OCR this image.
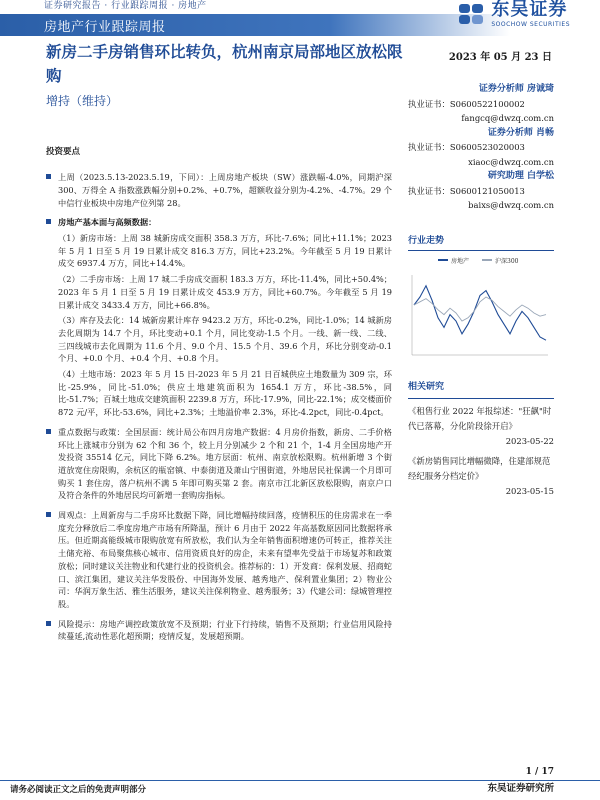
证券研究报告 · 行业跟踪周报 · 房地产
房地产行业跟踪周报
东吴证券
SOOCHOW SECURITIES
新房二手房销售环比转负，杭州南京局部地区放松限购
2023 年 05 月 23 日
增持（维持）
投资要点
上周（2023.5.13-2023.5.19，下同）：上周房地产板块（SW）涨跌幅-4.0%，同期沪深 300、万得全 A 指数涨跌幅分别+0.2%、+0.7%，超额收益分别为-4.2%、-4.7%。29 个中信行业板块中房地产位列第 28。
房地产基本面与高频数据：
（1）新房市场：上周 38 城新房成交面积 358.3 万方，环比-7.6%；同比+11.1%；2023 年 5 月 1 日至 5 月 19 日累计成交 816.3 万方，同比+23.2%。今年截至 5 月 19 日累计成交 6937.4 万方，同比+14.4%。
（2）二手房市场：上周 17 城二手房成交面积 183.3 万方，环比-11.4%，同比+50.4%；2023 年 5 月 1 日至 5 月 19 日累计成交 453.9 万方，同比+60.7%。今年截至 5 月 19 日累计成交 3433.4 万方，同比+66.8%。
（3）库存及去化：14 城新房累计库存 9423.2 万方，环比-0.2%，同比-1.0%；14 城新房去化周期为 14.7 个月，环比变动+0.1 个月，同比变动-1.5 个月。一线、新一线、二线、三四线城市去化周期为 11.6 个月、9.0 个月、15.5 个月、39.6 个月，环比分别变动-0.1 个月、+0.0 个月、+0.4 个月、+0.8 个月。
（4）土地市场：2023 年 5 月 15 日-2023 年 5 月 21 日百城供应土地数量为 309 宗，环比-25.9%，同比-51.0%；供应土地建筑面积为 1654.1 万方，环比-38.5%，同比-51.7%；百城土地成交建筑面积 2239.8 万方，环比-17.9%，同比-22.1%；成交楼面价 872 元/平，环比-53.6%，同比+2.3%；土地溢价率 2.3%，环比-4.2pct，同比-0.4pct。
重点数据与政策：全国层面：统计局公布四月房地产数据：4 月房价指数，新房、二手价格环比上涨城市分别为 62 个和 36 个，较上月分别减少 2 个和 21 个，1-4 月全国房地产开发投资 35514 亿元，同比下降 6.2%。地方层面：杭州、南京放松限购。杭州新增 3 个街道放宽住房限购，余杭区的瓶窑镇、中泰街道及萧山宁围街道，外地居民社保满一个月即可购买 1 套住房，落户杭州不满 5 年即可购买第 2 套。南京市江北新区放松限购，南京户口及符合条件的外地居民均可新增一套购房指标。
周观点：上周新房与二手房环比数据下降，同比增幅持续回落，疫情积压的住房需求在一季度充分释放后二季度房地产市场有所降温，预计 6 月由于 2022 年高基数原因同比数据将承压。但近期高能级城市限购放宽有所放松，我们认为全年销售面积增速仍可转正，推荐关注土储充裕、布局聚焦核心城市、信用资质良好的房企，未来有望率先受益于市场复苏和政策放松；同时建议关注物业和代建行业的投资机会。推荐标的：1）开发商：保利发展、招商蛇口、滨江集团，建议关注华发股份、中国海外发展、越秀地产、保利置业集团；2）物业公司：华润万象生活、雅生活服务，建议关注保利物业、越秀服务；3）代建公司：绿城管理控股。
风险提示：房地产调控政策放宽不及预期；行业下行持续，销售不及预期；行业信用风险持续蔓延,流动性恶化超预期；疫情反复，发展超预期。
证券分析师 房诚琦
执业证书：S0600522100002
fangcq@dwzq.com.cn
证券分析师 肖畅
执业证书：S0600523020003
xiaoc@dwzq.com.cn
研究助理 白学松
执业证书：S0600121050013
baixs@dwzq.com.cn
行业走势
房地产	沪深300
相关研究
《租售行业 2022 年报综述："狂飙"时代已落幕，分化阶段徐开启》
2023-05-22
《新房销售同比增幅微降，住建部规范经纪服务分档定价》
2023-05-15
1 / 17
请务必阅读正文之后的免责声明部分	东吴证券研究所
